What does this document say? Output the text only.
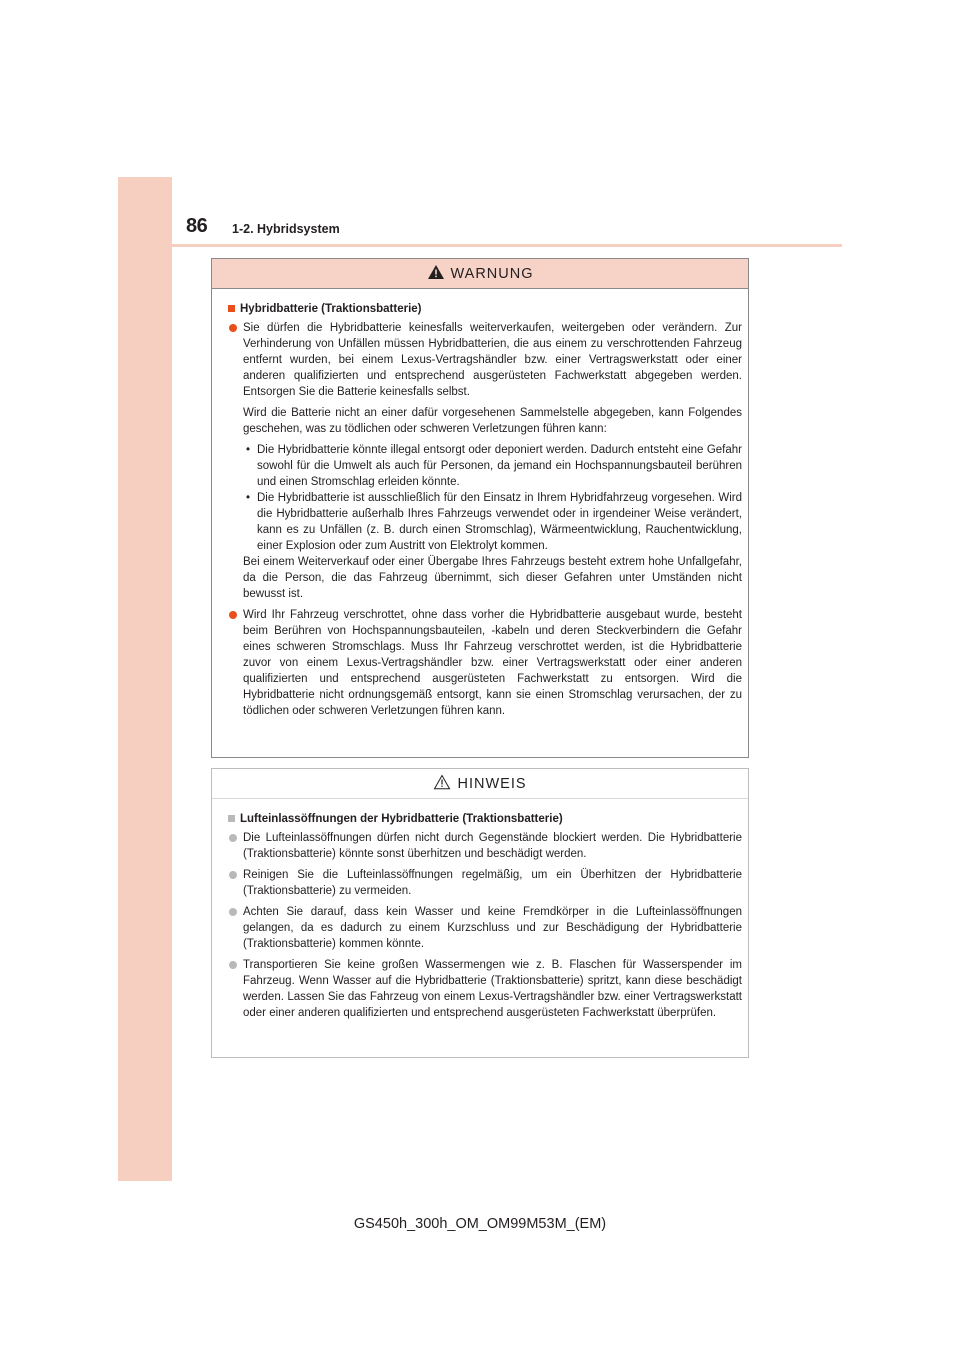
86 1-2. Hybridsystem
WARNUNG
Hybridbatterie (Traktionsbatterie)
Sie dürfen die Hybridbatterie keinesfalls weiterverkaufen, weitergeben oder verändern. Zur Verhinderung von Unfällen müssen Hybridbatterien, die aus einem zu verschrottenden Fahrzeug entfernt wurden, bei einem Lexus-Vertragshändler bzw. einer Vertragswerkstatt oder einer anderen qualifizierten und entsprechend ausgerüsteten Fachwerkstatt abgegeben werden. Entsorgen Sie die Batterie keinesfalls selbst.
Wird die Batterie nicht an einer dafür vorgesehenen Sammelstelle abgegeben, kann Folgendes geschehen, was zu tödlichen oder schweren Verletzungen führen kann:
• Die Hybridbatterie könnte illegal entsorgt oder deponiert werden. Dadurch entsteht eine Gefahr sowohl für die Umwelt als auch für Personen, da jemand ein Hochspannungsbauteil berühren und einen Stromschlag erleiden könnte.
• Die Hybridbatterie ist ausschließlich für den Einsatz in Ihrem Hybridfahrzeug vorgesehen. Wird die Hybridbatterie außerhalb Ihres Fahrzeugs verwendet oder in irgendeiner Weise verändert, kann es zu Unfällen (z. B. durch einen Stromschlag), Wärmeentwicklung, Rauchentwicklung, einer Explosion oder zum Austritt von Elektrolyt kommen.
Bei einem Weiterverkauf oder einer Übergabe Ihres Fahrzeugs besteht extrem hohe Unfallgefahr, da die Person, die das Fahrzeug übernimmt, sich dieser Gefahren unter Umständen nicht bewusst ist.
Wird Ihr Fahrzeug verschrottet, ohne dass vorher die Hybridbatterie ausgebaut wurde, besteht beim Berühren von Hochspannungsbauteilen, -kabeln und deren Steckverbindern die Gefahr eines schweren Stromschlags. Muss Ihr Fahrzeug verschrottet werden, ist die Hybridbatterie zuvor von einem Lexus-Vertragshändler bzw. einer Vertragswerkstatt oder einer anderen qualifizierten und entsprechend ausgerüsteten Fachwerkstatt zu entsorgen. Wird die Hybridbatterie nicht ordnungsgemäß entsorgt, kann sie einen Stromschlag verursachen, der zu tödlichen oder schweren Verletzungen führen kann.
HINWEIS
Lufteinlassöffnungen der Hybridbatterie (Traktionsbatterie)
Die Lufteinlassöffnungen dürfen nicht durch Gegenstände blockiert werden. Die Hybridbatterie (Traktionsbatterie) könnte sonst überhitzen und beschädigt werden.
Reinigen Sie die Lufteinlassöffnungen regelmäßig, um ein Überhitzen der Hybridbatterie (Traktionsbatterie) zu vermeiden.
Achten Sie darauf, dass kein Wasser und keine Fremdkörper in die Lufteinlassöffnungen gelangen, da es dadurch zu einem Kurzschluss und zur Beschädigung der Hybridbatterie (Traktionsbatterie) kommen könnte.
Transportieren Sie keine großen Wassermengen wie z. B. Flaschen für Wasserspender im Fahrzeug. Wenn Wasser auf die Hybridbatterie (Traktionsbatterie) spritzt, kann diese beschädigt werden. Lassen Sie das Fahrzeug von einem Lexus-Vertragshändler bzw. einer Vertragswerkstatt oder einer anderen qualifizierten und entsprechend ausgerüsteten Fachwerkstatt überprüfen.
GS450h_300h_OM_OM99M53M_(EM)
